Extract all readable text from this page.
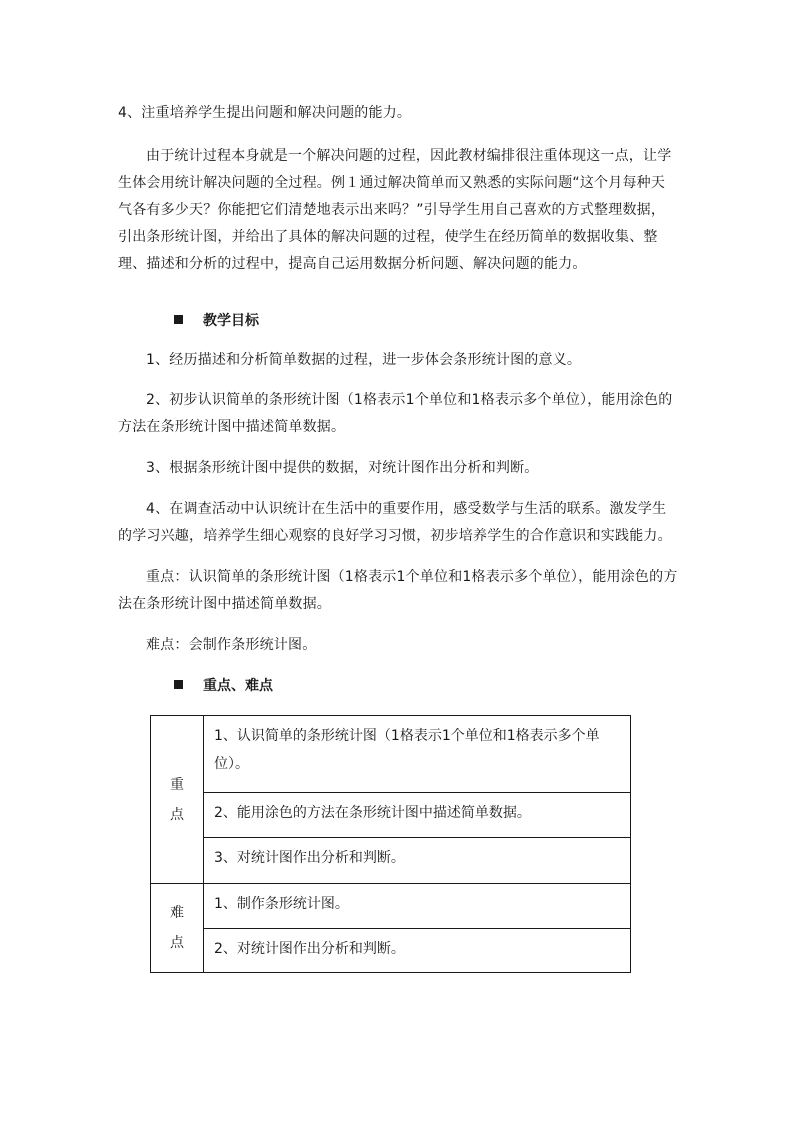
4、注重培养学生提出问题和解决问题的能力。

由于统计过程本身就是一个解决问题的过程，因此教材编排很注重体现这一点，让学生体会用统计解决问题的全过程。例１通过解决简单而又熟悉的实际问题“这个月每种天气各有多少天？你能把它们清楚地表示出来吗？”引导学生用自己喜欢的方式整理数据，引出条形统计图，并给出了具体的解决问题的过程，使学生在经历简单的数据收集、整理、描述和分析的过程中，提高自己运用数据分析问题、解决问题的能力。

教学目标

1、经历描述和分析简单数据的过程，进一步体会条形统计图的意义。

2、初步认识简单的条形统计图（1格表示1个单位和1格表示多个单位），能用涂色的方法在条形统计图中描述简单数据。

3、根据条形统计图中提供的数据，对统计图作出分析和判断。

4、在调查活动中认识统计在生活中的重要作用，感受数学与生活的联系。激发学生的学习兴趣，培养学生细心观察的良好学习习惯，初步培养学生的合作意识和实践能力。

重点：认识简单的条形统计图（1格表示1个单位和1格表示多个单位），能用涂色的方法在条形统计图中描述简单数据。

难点：会制作条形统计图。

重点、难点
重
点	1、认识简单的条形统计图（1格表示1个单位和1格表示多个单位）。
	2、能用涂色的方法在条形统计图中描述简单数据。
	3、对统计图作出分析和判断。

难
点	1、制作条形统计图。
	2、对统计图作出分析和判断。
